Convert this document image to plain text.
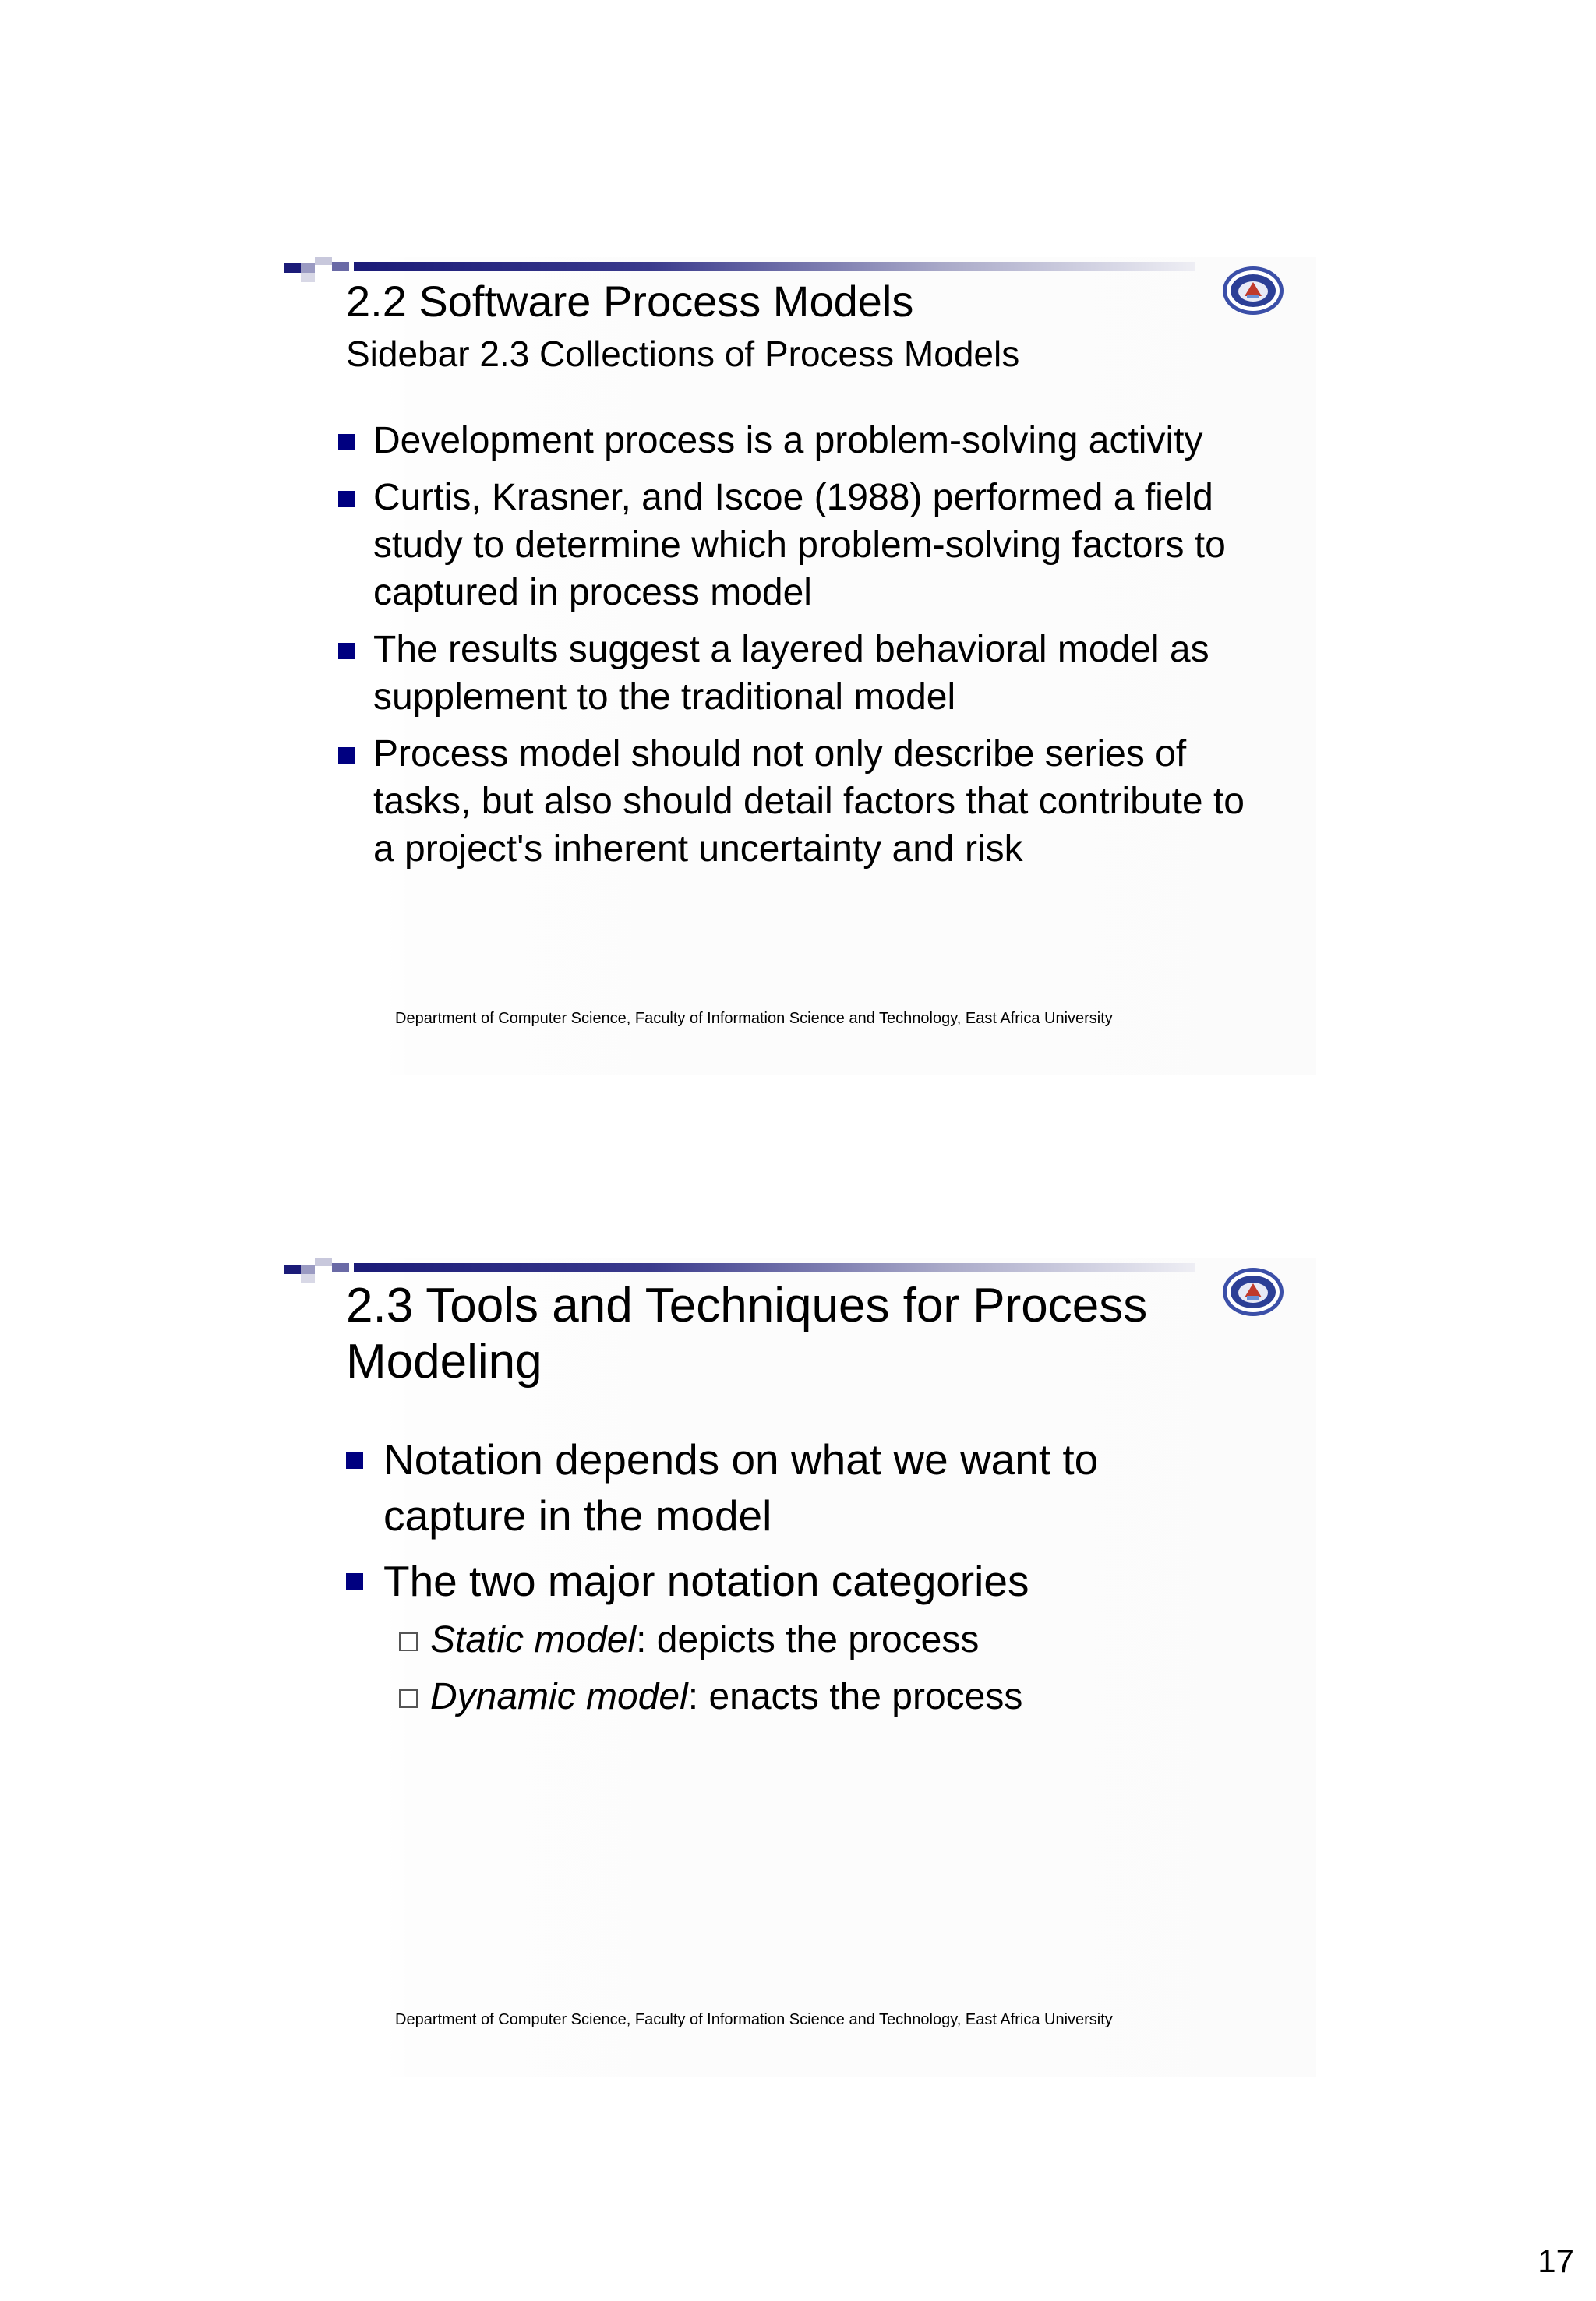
2.2 Software Process Models
Sidebar 2.3 Collections of Process Models
Development process is a problem-solving activity
Curtis, Krasner, and Iscoe (1988) performed a field study to determine which problem-solving factors to captured in process model
The results suggest a layered behavioral model as supplement to the traditional model
Process model should not only describe series of tasks, but also should detail factors that contribute to a project's inherent uncertainty and risk
Department of Computer Science, Faculty of Information Science and Technology, East Africa University
2.3 Tools and Techniques for Process
Modeling
Notation depends on what we want to capture in the model
The two major notation categories
Static model: depicts the process
Dynamic model: enacts the process
Department of Computer Science, Faculty of Information Science and Technology, East Africa University
17
